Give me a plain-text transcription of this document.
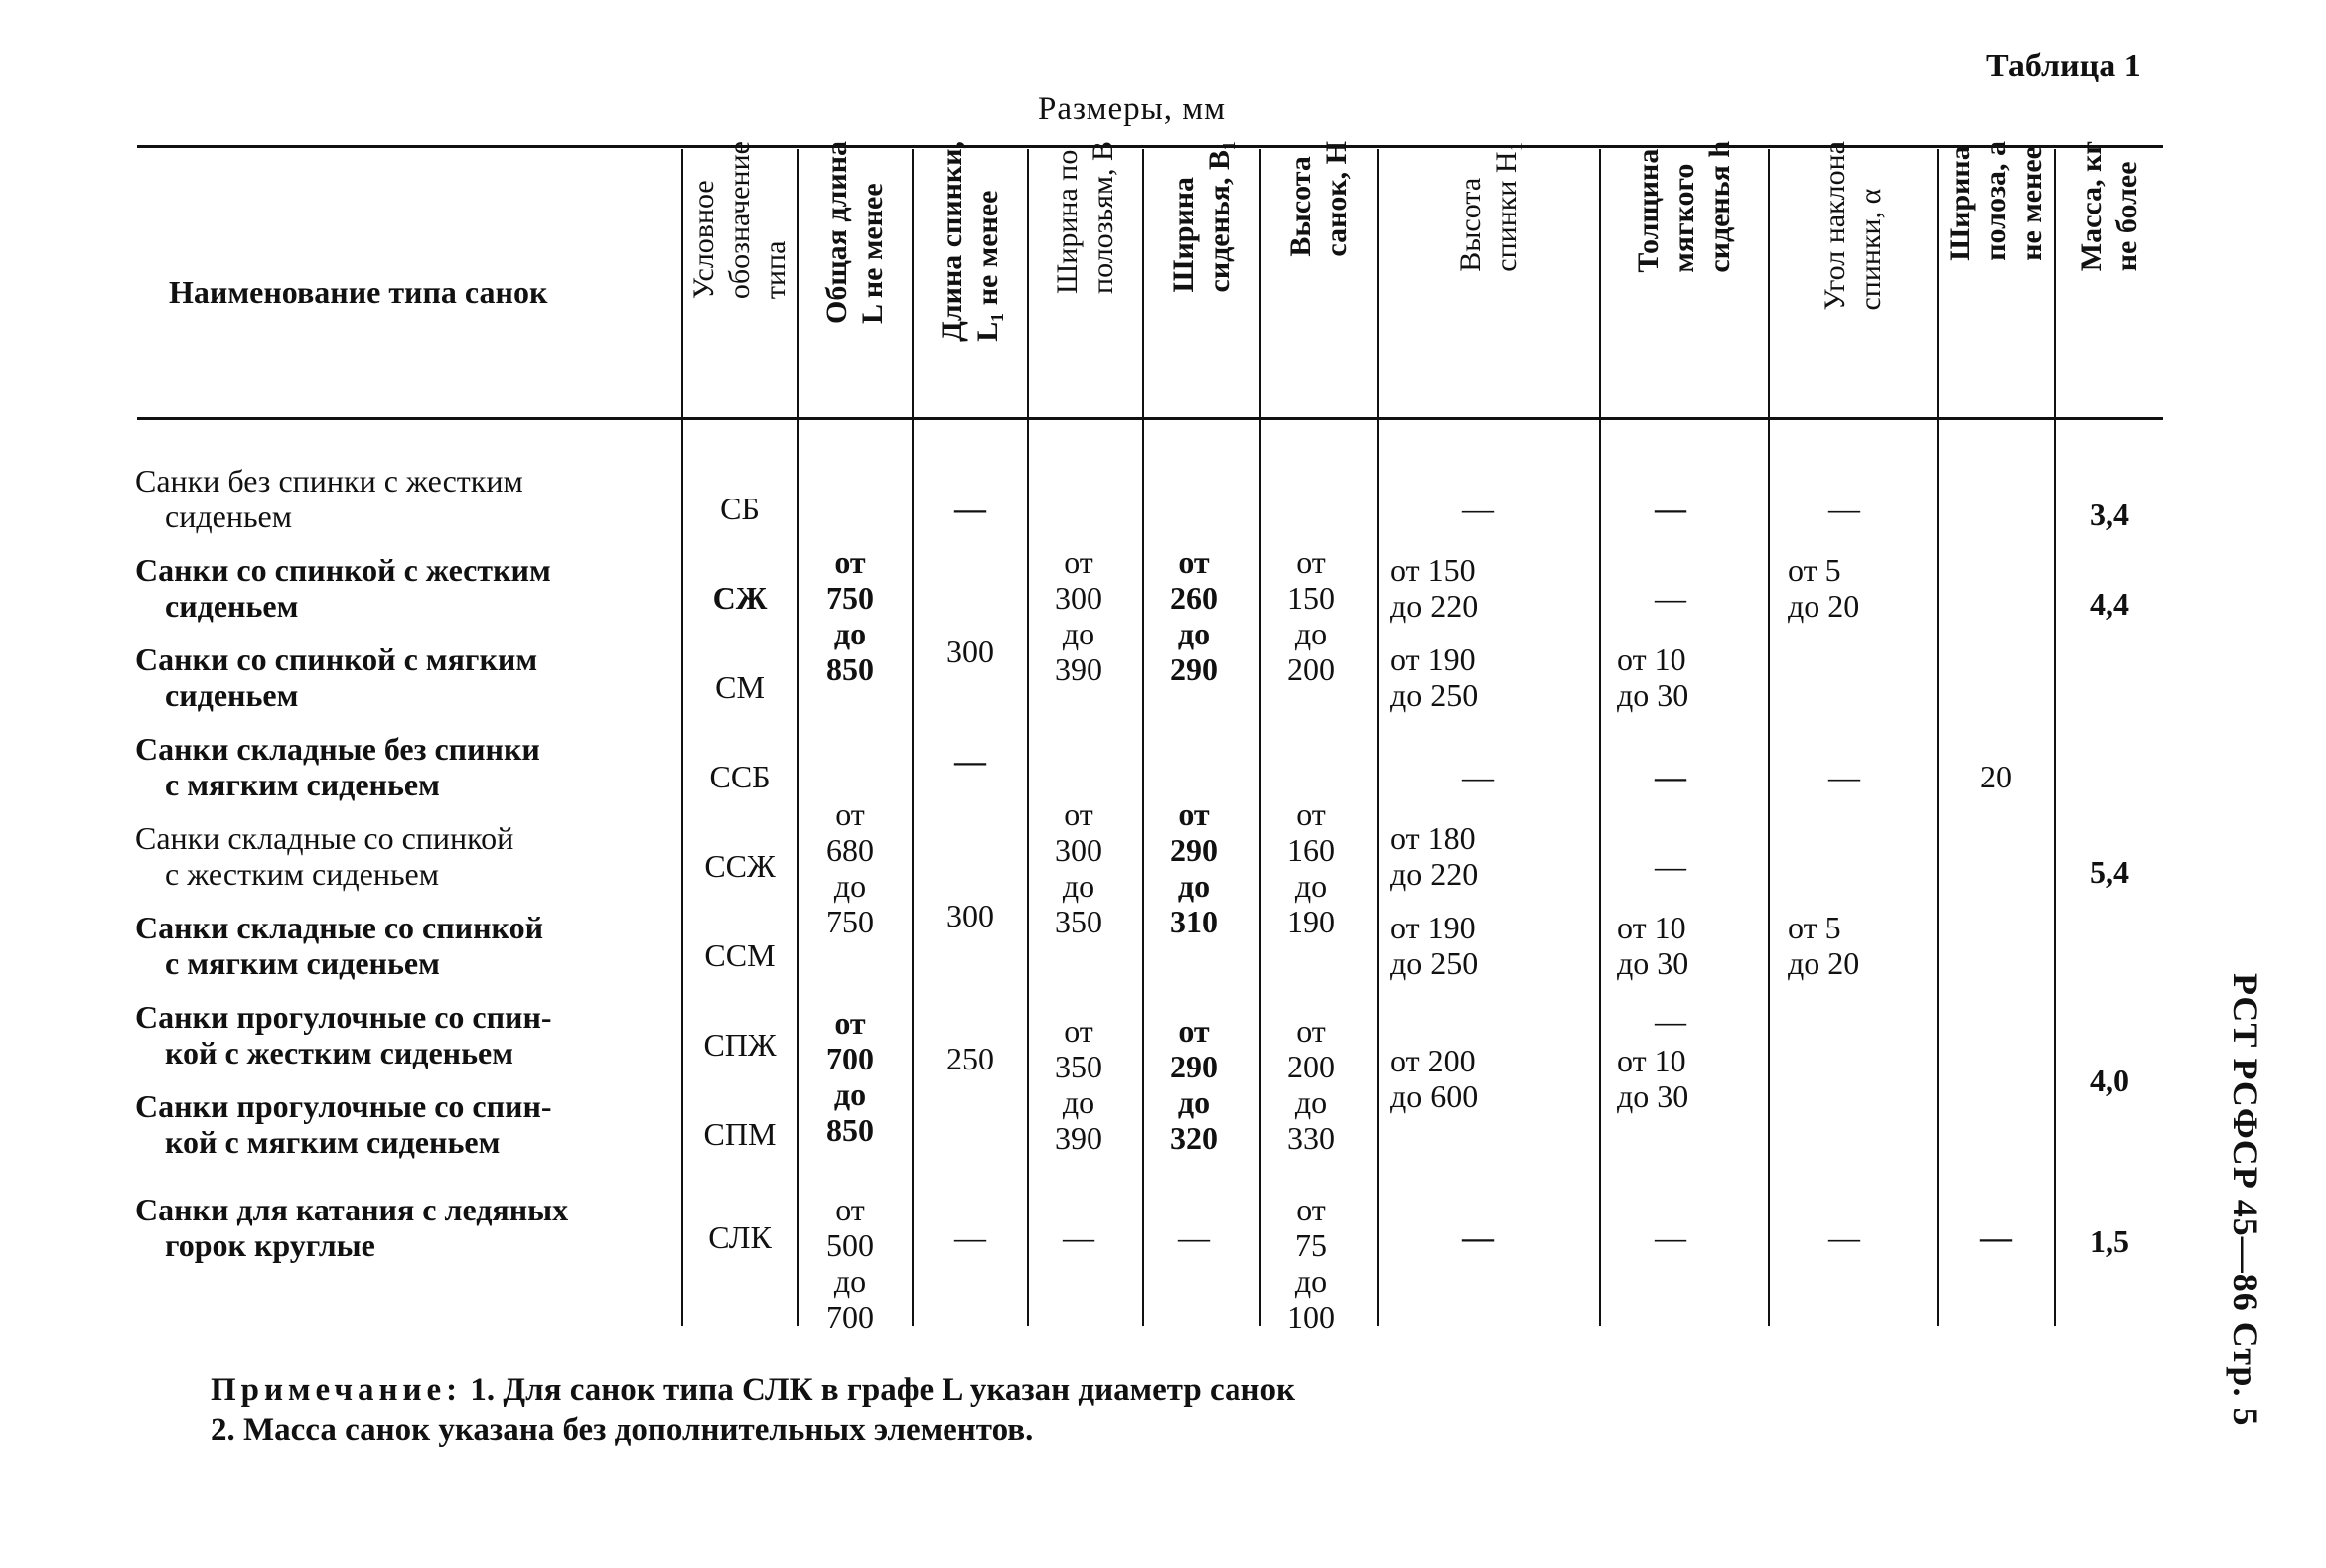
Таблица 1
Размеры, мм
Наименование типа санок	Условное
обозначение
типа Общая длина
L не менее
Длина спинки,
L₁ не менее Ширина по
полозьям, B
Ширина
сиденья, B₁
Высота
санок, H
Высота
спинки H₁	Толщина
мягкого
сиденья h
Угол наклона
спинки, α Ширина
полоза, a
не менее Масса, кг
не более
Санки без спинки с жестким
сиденьем
Санки со спинкой с жестким
сиденьем
Санки со спинкой с мягким
сиденьем
Санки складные без спинки
с мягким сиденьем
Санки складные со спинкой
с жестким сиденьем
Санки складные со спинкой
с мягким сиденьем
Санки прогулочные со спин-
кой с жестким сиденьем
Санки прогулочные со спин-
кой с мягким сиденьем
Санки для катания с ледяных
горок круглые
СБ
СЖ
СМ
ССБ
ССЖ
ССМ
СПЖ
СПМ
СЛК
от
750
до
850
от
680
до
750
от
700
до
850
от
500
до
700
—
300
—
300
250
—
от
300
до
390
от
300
до
350
от
350
до
390
—
от
260
до
290
от
290
до
310
от
290
до
320
—
от
150
до
200
от
160
до
190
от
200
до
330
от
75
до
100
—
от 150
до 220
от 190
до 250
—
от 180
до 220
от 190
до 250
от 200
до 600
—
—
—
от 10
до 30
—
—
от 10
до 30
—
от 10
до 30
—
—
от 5
до 20
—
от 5
до 20
—
20
—
3,4
4,4
5,4
4,0
1,5
Примечание: 1. Для санок типа СЛК в графе L указан диаметр санок
2. Масса санок указана без дополнительных элементов.
РСТ РСФСР 45—86 Стр. 5
